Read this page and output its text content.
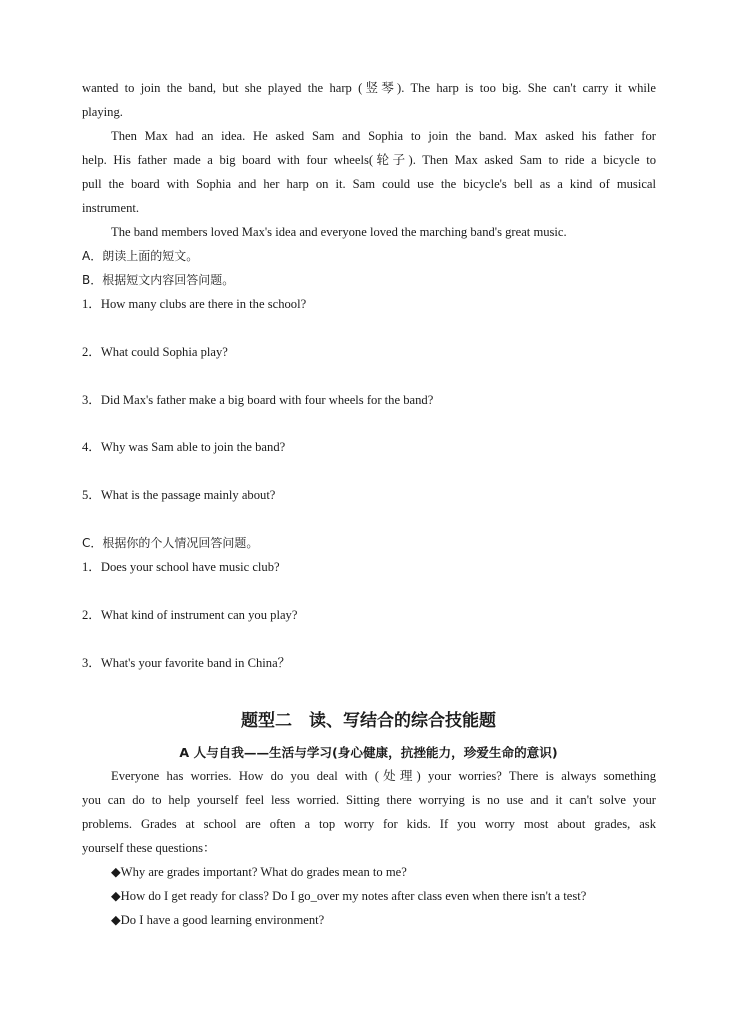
wanted to join the band, but she played the harp (竖琴). The harp is too big. She can't carry it while
playing.
Then Max had an idea. He asked Sam and Sophia to join the band. Max asked his father for
help. His father made a big board with four wheels(轮子). Then Max asked Sam to ride a bicycle to
pull the board with Sophia and her harp on it. Sam could use the bicycle's bell as a kind of musical
instrument.
The band members loved Max's idea and everyone loved the marching band's great music.
A．朗读上面的短文。
B．根据短文内容回答问题。
1．How many clubs are there in the school?
2．What could Sophia play?
3．Did Max's father make a big board with four wheels for the band?
4．Why was Sam able to join the band?
5．What is the passage mainly about?
C．根据你的个人情况回答问题。
1．Does your school have music club?
2．What kind of instrument can you play?
3．What's your favorite band in China？
题型二　读、写结合的综合技能题
A 人与自我——生活与学习(身心健康，抗挫能力，珍爱生命的意识)
Everyone has worries. How do you deal with (处理) your worries? There is always something
you can do to help yourself feel less worried. Sitting there worrying is no use and it can't solve your
problems. Grades at school are often a top worry for kids. If you worry most about grades, ask
yourself these questions：
◆Why are grades important? What do grades mean to me?
◆How do I get ready for class? Do I go_over my notes after class even when there isn't a test?
◆Do I have a good learning environment?
